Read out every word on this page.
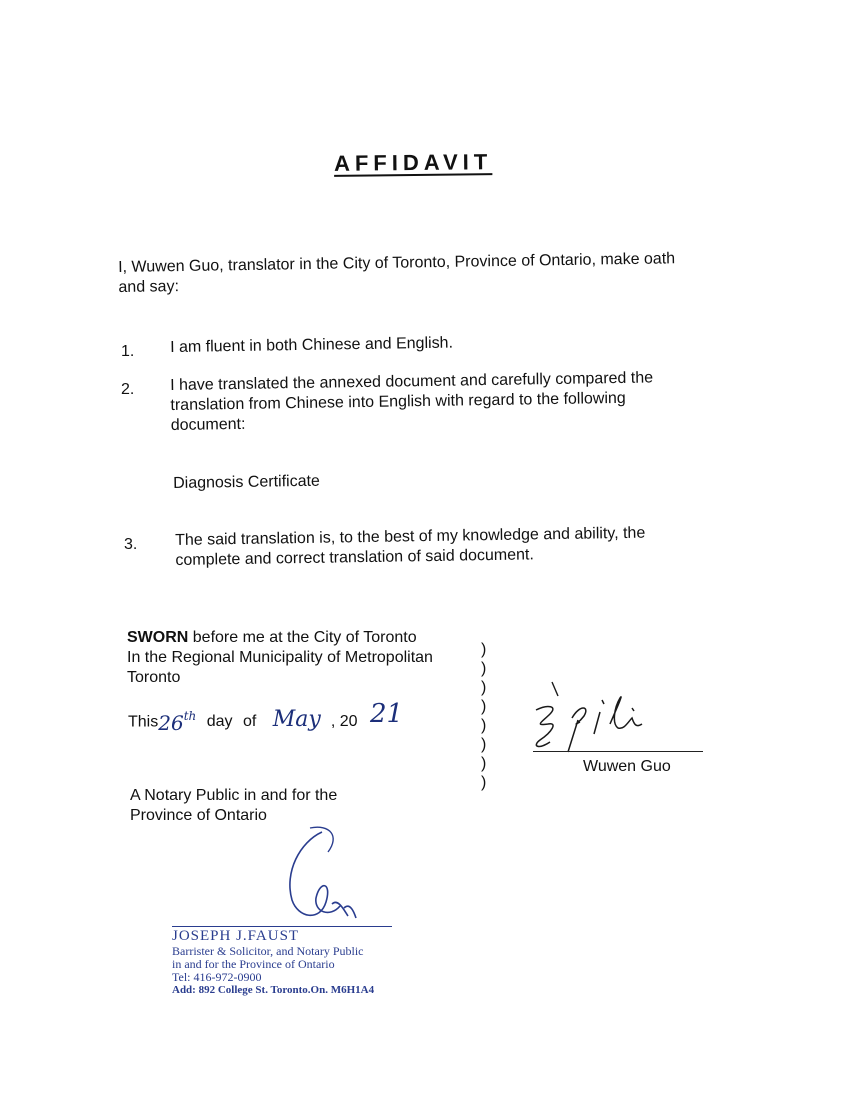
AFFIDAVIT
I, Wuwen Guo, translator in the City of Toronto, Province of Ontario, make oath
and say:
1. I am fluent in both Chinese and English.
2. I have translated the annexed document and carefully compared the
translation from Chinese into English with regard to the following
document:
Diagnosis Certificate
3. The said translation is, to the best of my knowledge and ability, the
complete and correct translation of said document.
SWORN before me at the City of Toronto
In the Regional Municipality of Metropolitan
Toronto
This26th day of May , 20 21
)
)
)
)
)
)
)
)
Wuwen Guo
A Notary Public in and for the
Province of Ontario
JOSEPH J.FAUST
Barrister & Solicitor, and Notary Public
in and for the Province of Ontario
Tel: 416-972-0900
Add: 892 College St. Toronto.On. M6H1A4
